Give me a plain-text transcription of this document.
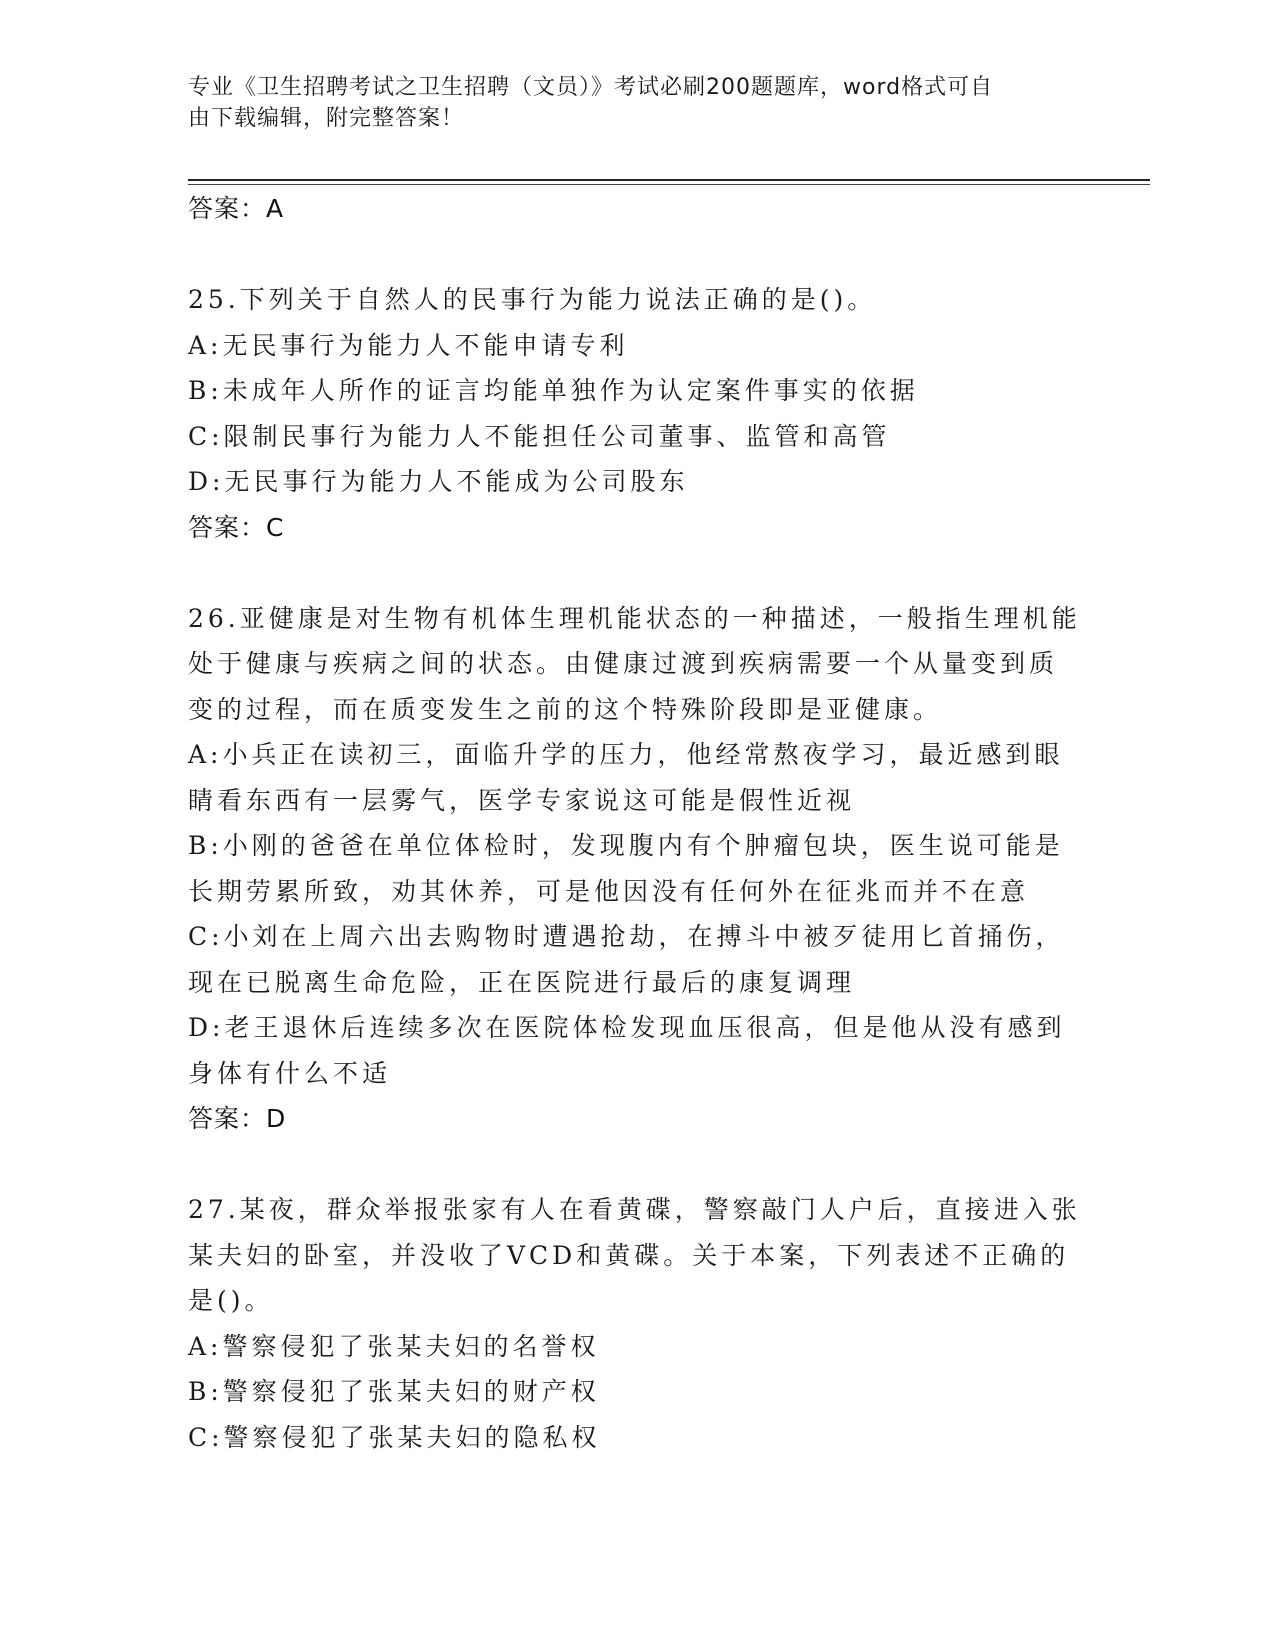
专业《卫生招聘考试之卫生招聘（文员）》考试必刷200题题库，word格式可自
由下载编辑，附完整答案！
答案：A
25.下列关于自然人的民事行为能力说法正确的是()。
A:无民事行为能力人不能申请专利
B:未成年人所作的证言均能单独作为认定案件事实的依据
C:限制民事行为能力人不能担任公司董事、监管和高管
D:无民事行为能力人不能成为公司股东
答案：C
26.亚健康是对生物有机体生理机能状态的一种描述，一般指生理机能
处于健康与疾病之间的状态。由健康过渡到疾病需要一个从量变到质
变的过程，而在质变发生之前的这个特殊阶段即是亚健康。
A:小兵正在读初三，面临升学的压力，他经常熬夜学习，最近感到眼
睛看东西有一层雾气，医学专家说这可能是假性近视
B:小刚的爸爸在单位体检时，发现腹内有个肿瘤包块，医生说可能是
长期劳累所致，劝其休养，可是他因没有任何外在征兆而并不在意
C:小刘在上周六出去购物时遭遇抢劫，在搏斗中被歹徒用匕首捅伤，
现在已脱离生命危险，正在医院进行最后的康复调理
D:老王退休后连续多次在医院体检发现血压很高，但是他从没有感到
身体有什么不适
答案：D
27.某夜，群众举报张家有人在看黄碟，警察敲门人户后，直接进入张
某夫妇的卧室，并没收了VCD和黄碟。关于本案，下列表述不正确的
是()。
A:警察侵犯了张某夫妇的名誉权
B:警察侵犯了张某夫妇的财产权
C:警察侵犯了张某夫妇的隐私权
